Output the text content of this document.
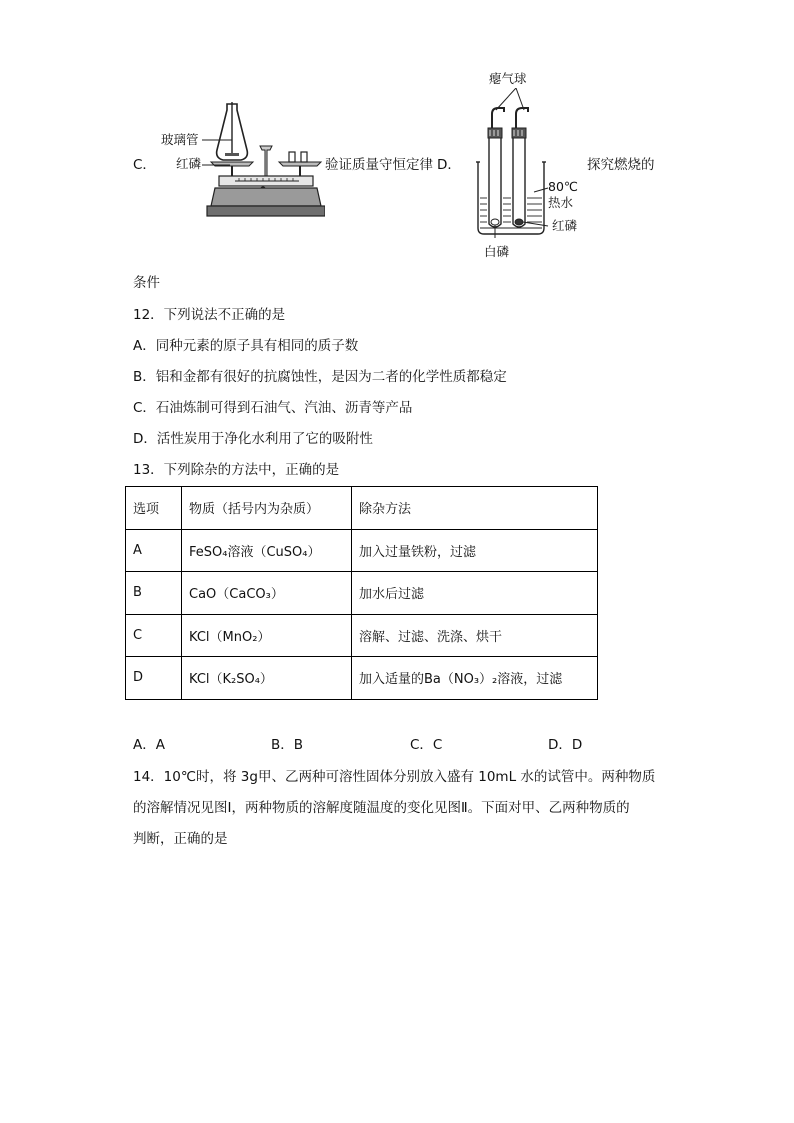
C．
玻璃管
红磷	验证质量守恒定律 D．
瘪气球
80℃
热水
红磷
白磷
探究燃烧的
条件
12．下列说法不正确的是
A．同种元素的原子具有相同的质子数
B．铝和金都有很好的抗腐蚀性，是因为二者的化学性质都稳定
C．石油炼制可得到石油气、汽油、沥青等产品
D．活性炭用于净化水利用了它的吸附性
13．下列除杂的方法中，正确的是
选项	物质（括号内为杂质）	除杂方法
A	FeSO₄溶液（CuSO₄）	加入过量铁粉，过滤
B	CaO（CaCO₃）	加水后过滤
C	KCl（MnO₂）	溶解、过滤、洗涤、烘干
D	KCl（K₂SO₄）	加入适量的Ba（NO₃）₂溶液，过滤
A．A	B．B	C．C	D．D
14．10℃时，将 3g甲、乙两种可溶性固体分别放入盛有 10mL 水的试管中。两种物质
的溶解情况见图Ⅰ，两种物质的溶解度随温度的变化见图Ⅱ。下面对甲、乙两种物质的
判断，正确的是
